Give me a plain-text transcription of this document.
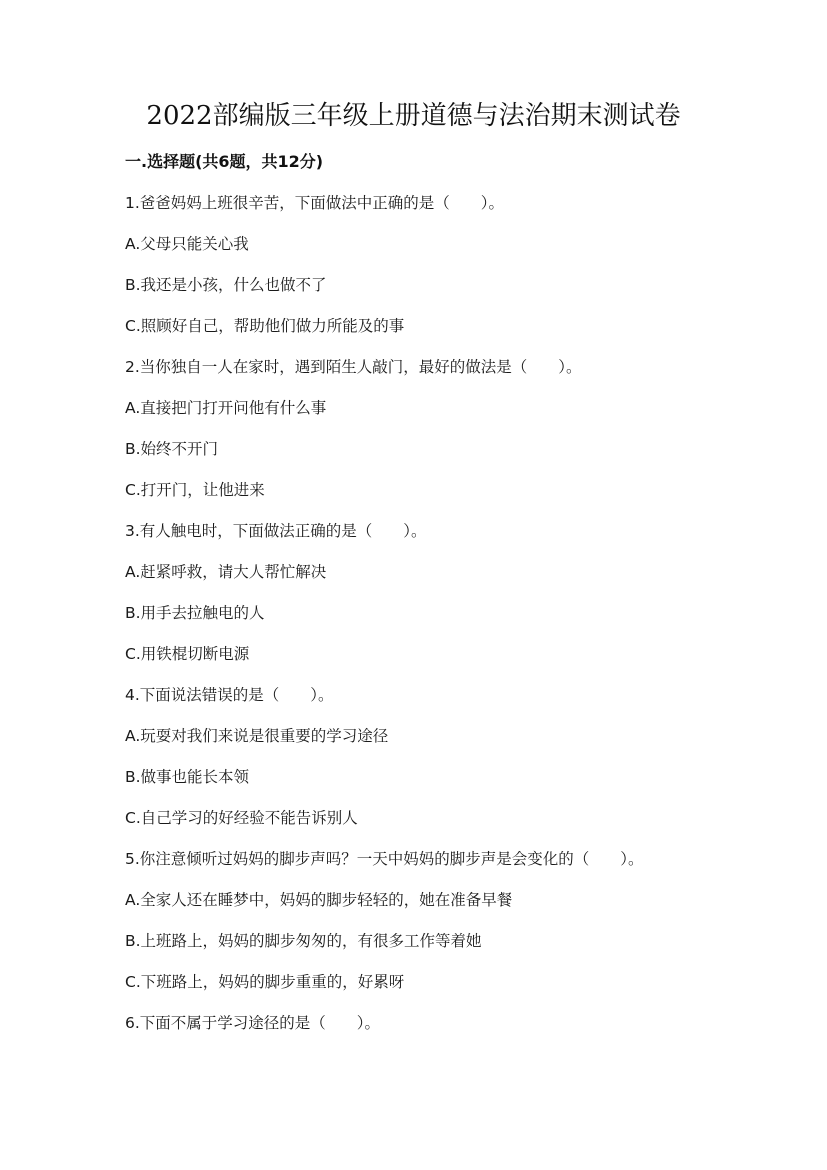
2022部编版三年级上册道德与法治期末测试卷
一.选择题(共6题，共12分)
1.爸爸妈妈上班很辛苦，下面做法中正确的是（　　）。
A.父母只能关心我
B.我还是小孩，什么也做不了
C.照顾好自己，帮助他们做力所能及的事
2.当你独自一人在家时，遇到陌生人敲门，最好的做法是（　　）。
A.直接把门打开问他有什么事
B.始终不开门
C.打开门，让他进来
3.有人触电时，下面做法正确的是（　　）。
A.赶紧呼救，请大人帮忙解决
B.用手去拉触电的人
C.用铁棍切断电源
4.下面说法错误的是（　　）。
A.玩耍对我们来说是很重要的学习途径
B.做事也能长本领
C.自己学习的好经验不能告诉别人
5.你注意倾听过妈妈的脚步声吗？一天中妈妈的脚步声是会变化的（　　）。
A.全家人还在睡梦中，妈妈的脚步轻轻的，她在准备早餐
B.上班路上，妈妈的脚步匆匆的，有很多工作等着她
C.下班路上，妈妈的脚步重重的，好累呀
6.下面不属于学习途径的是（　　）。
